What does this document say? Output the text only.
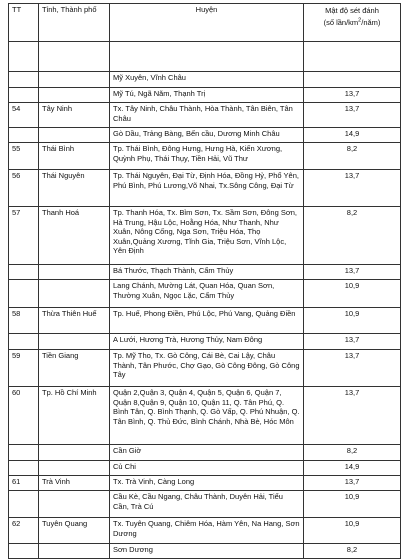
TT	Tỉnh, Thành phố	Huyện	Mật độ sét đánh
(số lần/$km^2/năm$)

		Mỹ Xuyên, Vĩnh Châu	
		Mỹ Tú, Ngã Năm, Thạnh Trị	13,7
54	Tây Ninh	Tx. Tây Ninh, Châu Thành, Hòa Thành, Tân Biên, Tân Châu	13,7
		Gò Dầu, Trảng Bàng, Bến cầu, Dương Minh Châu	14,9
55	Thái Bình	Tp. Thái Bình, Đông Hưng, Hưng Hà, Kiến Xương, Quỳnh Phụ, Thái Thụy, Tiền Hải, Vũ Thư	8,2
56	Thái Nguyên	Tp. Thái Nguyên, Đại Từ, Định Hóa, Đồng Hỷ, Phổ Yên, Phú Bình, Phú Lương,Võ Nhai, Tx.Sông Công, Đại Từ	13,7
57	Thanh Hoá	Tp. Thanh Hóa, Tx. Bỉm Sơn, Tx. Sầm Sơn, Đông Sơn, Hà Trung, Hậu Lộc, Hoằng Hóa, Như Thanh, Như Xuân, Nông Cống, Nga Sơn, Triệu Hóa, Thọ Xuân,Quảng Xương, Tĩnh Gia, Triệu Sơn, Vĩnh Lộc, Yên Định	8,2
		Bá Thước, Thạch Thành, Cẩm Thủy	13,7
		Lang Chánh, Mường Lát, Quan Hóa, Quan Sơn, Thường Xuân, Ngọc Lặc, Cẩm Thủy	10,9
58	Thừa Thiên Huế	Tp. Huế, Phong Điền, Phú Lộc, Phú Vang, Quảng Điền	10,9
		A Lưới, Hương Trà, Hương Thủy, Nam Đông	13,7
59	Tiền Giang	Tp. Mỹ Tho, Tx. Gò Công, Cái Bè, Cai Lậy, Châu Thành, Tân Phước, Chợ Gạo, Gò Công Đông, Gò Công Tây	13,7
60	Tp. Hồ Chí Minh	Quận 2,Quận 3, Quận 4, Quận 5, Quận 6, Quận 7, Quận 8,Quận 9, Quận 10, Quận 11, Q. Tân Phú, Q. Bình Tân, Q. Bình Thạnh, Q. Gò Vấp, Q. Phú Nhuận, Q. Tân Bình, Q. Thủ Đức, Bình Chánh, Nhà Bè, Hóc Môn	13,7
		Cần Giờ	8,2
		Củ Chi	14,9
61	Trà Vinh	Tx. Trà Vinh, Càng Long	13,7
		Cầu Kè, Cầu Ngang, Châu Thành, Duyên Hải, Tiểu Cần, Trà Cú	10,9
62	Tuyên Quang	Tx. Tuyên Quang, Chiêm Hóa, Hàm Yên, Na Hang, Sơn Dương	10,9
		Sơn Dương	8,2
